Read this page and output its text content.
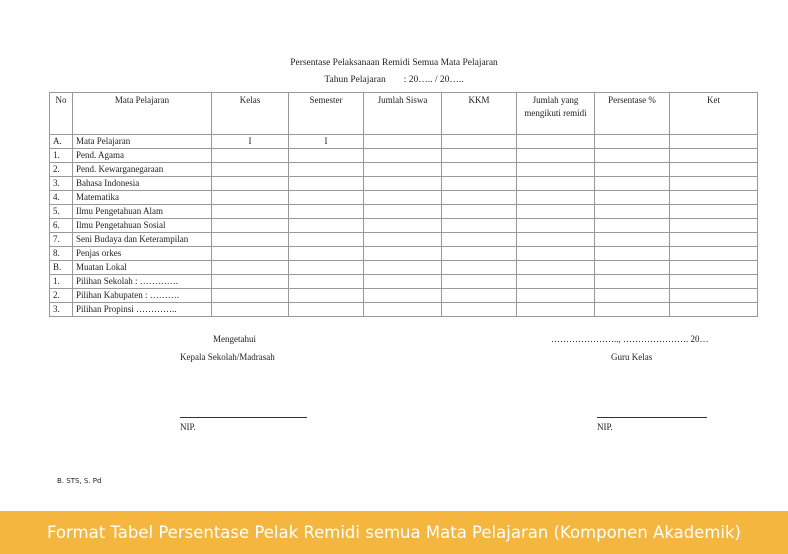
Persentase Pelaksanaan Remidi Semua Mata Pelajaran
Tahun Pelajaran : 20….. / 20…..
No	Mata Pelajaran	Kelas	Semester	Jumlah Siswa	KKM	Jumlah yang mengikuti remidi	Persentase %	Ket
A.	Mata Pelajaran	I	I					
1.	Pend. Agama							
2.	Pend. Kewarganegaraan							
3.	Bahasa Indonesia							
4.	Matematika							
5.	Ilmu Pengetahuan Alam							
6.	Ilmu Pengetahuan Sosial							
7.	Seni Budaya dan Keterampilan							
8.	Penjas orkes							
B.	Muatan Lokal							
1.	Pilihan Sekolah : ………….							
2.	Pilihan Kabupaten : ……….							
3.	Pilihan Propinsi …………..							
Mengetahui
Kepala Sekolah/Madrasah
NIP.
………………….., …………………. 20…
Guru Kelas
NIP.
B. STS, S. Pd
Format Tabel Persentase Pelak Remidi semua Mata Pelajaran (Komponen Akademik)
